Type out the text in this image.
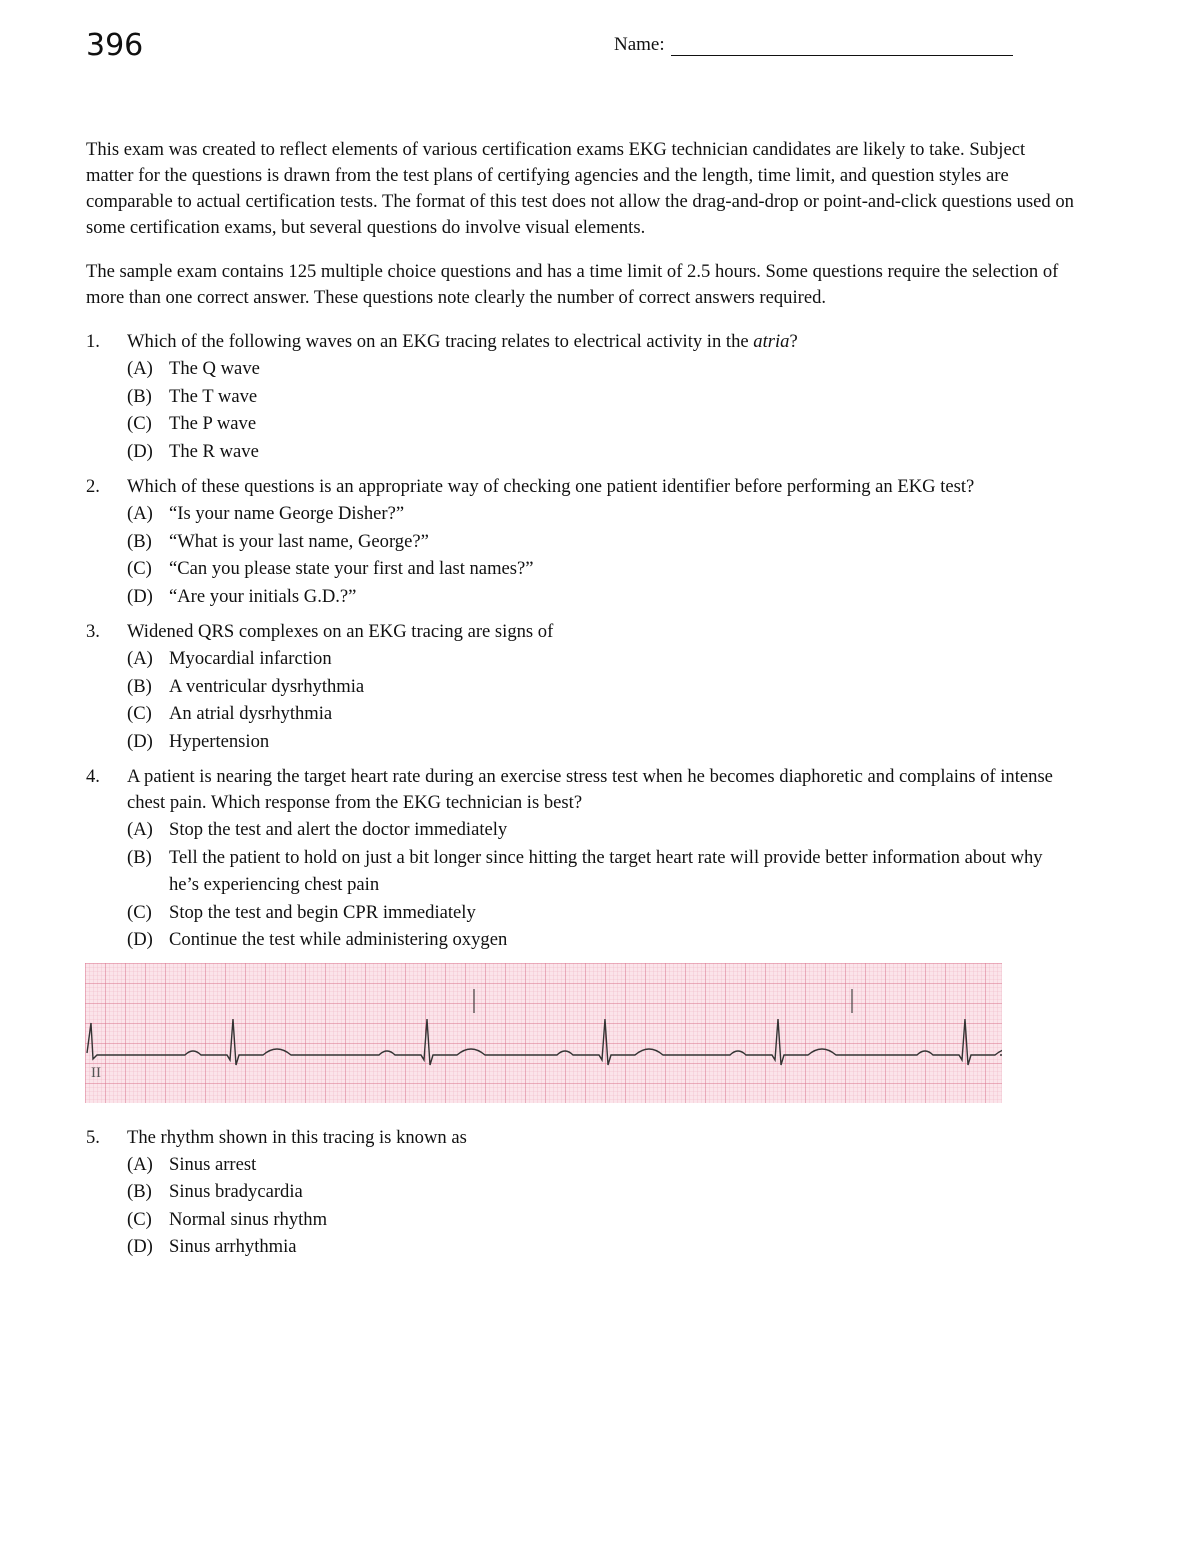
396	Name:

This exam was created to reflect elements of various certification exams EKG technician candidates are likely to take. Subject matter for the questions is drawn from the test plans of certifying agencies and the length, time limit, and question styles are comparable to actual certification tests. The format of this test does not allow the drag-and-drop or point-and-click questions used on some certification exams, but several questions do involve visual elements.

The sample exam contains 125 multiple choice questions and has a time limit of 2.5 hours. Some questions require the selection of more than one correct answer. These questions note clearly the number of correct answers required.

1.	Which of the following waves on an EKG tracing relates to electrical activity in the atria?
(A) The Q wave
(B) The T wave
(C) The P wave
(D) The R wave
2.	Which of these questions is an appropriate way of checking one patient identifier before performing an EKG test?
(A) “Is your name George Disher?”
(B) “What is your last name, George?”
(C) “Can you please state your first and last names?”
(D) “Are your initials G.D.?”
3.	Widened QRS complexes on an EKG tracing are signs of
(A) Myocardial infarction
(B) A ventricular dysrhythmia
(C) An atrial dysrhythmia
(D) Hypertension
4.	A patient is nearing the target heart rate during an exercise stress test when he becomes diaphoretic and complains of intense chest pain. Which response from the EKG technician is best?
(A) Stop the test and alert the doctor immediately
(B) Tell the patient to hold on just a bit longer since hitting the target heart rate will provide better information about why he’s experiencing chest pain
(C) Stop the test and begin CPR immediately
(D) Continue the test while administering oxygen
II
5.	The rhythm shown in this tracing is known as
(A) Sinus arrest
(B) Sinus bradycardia
(C) Normal sinus rhythm
(D) Sinus arrhythmia
